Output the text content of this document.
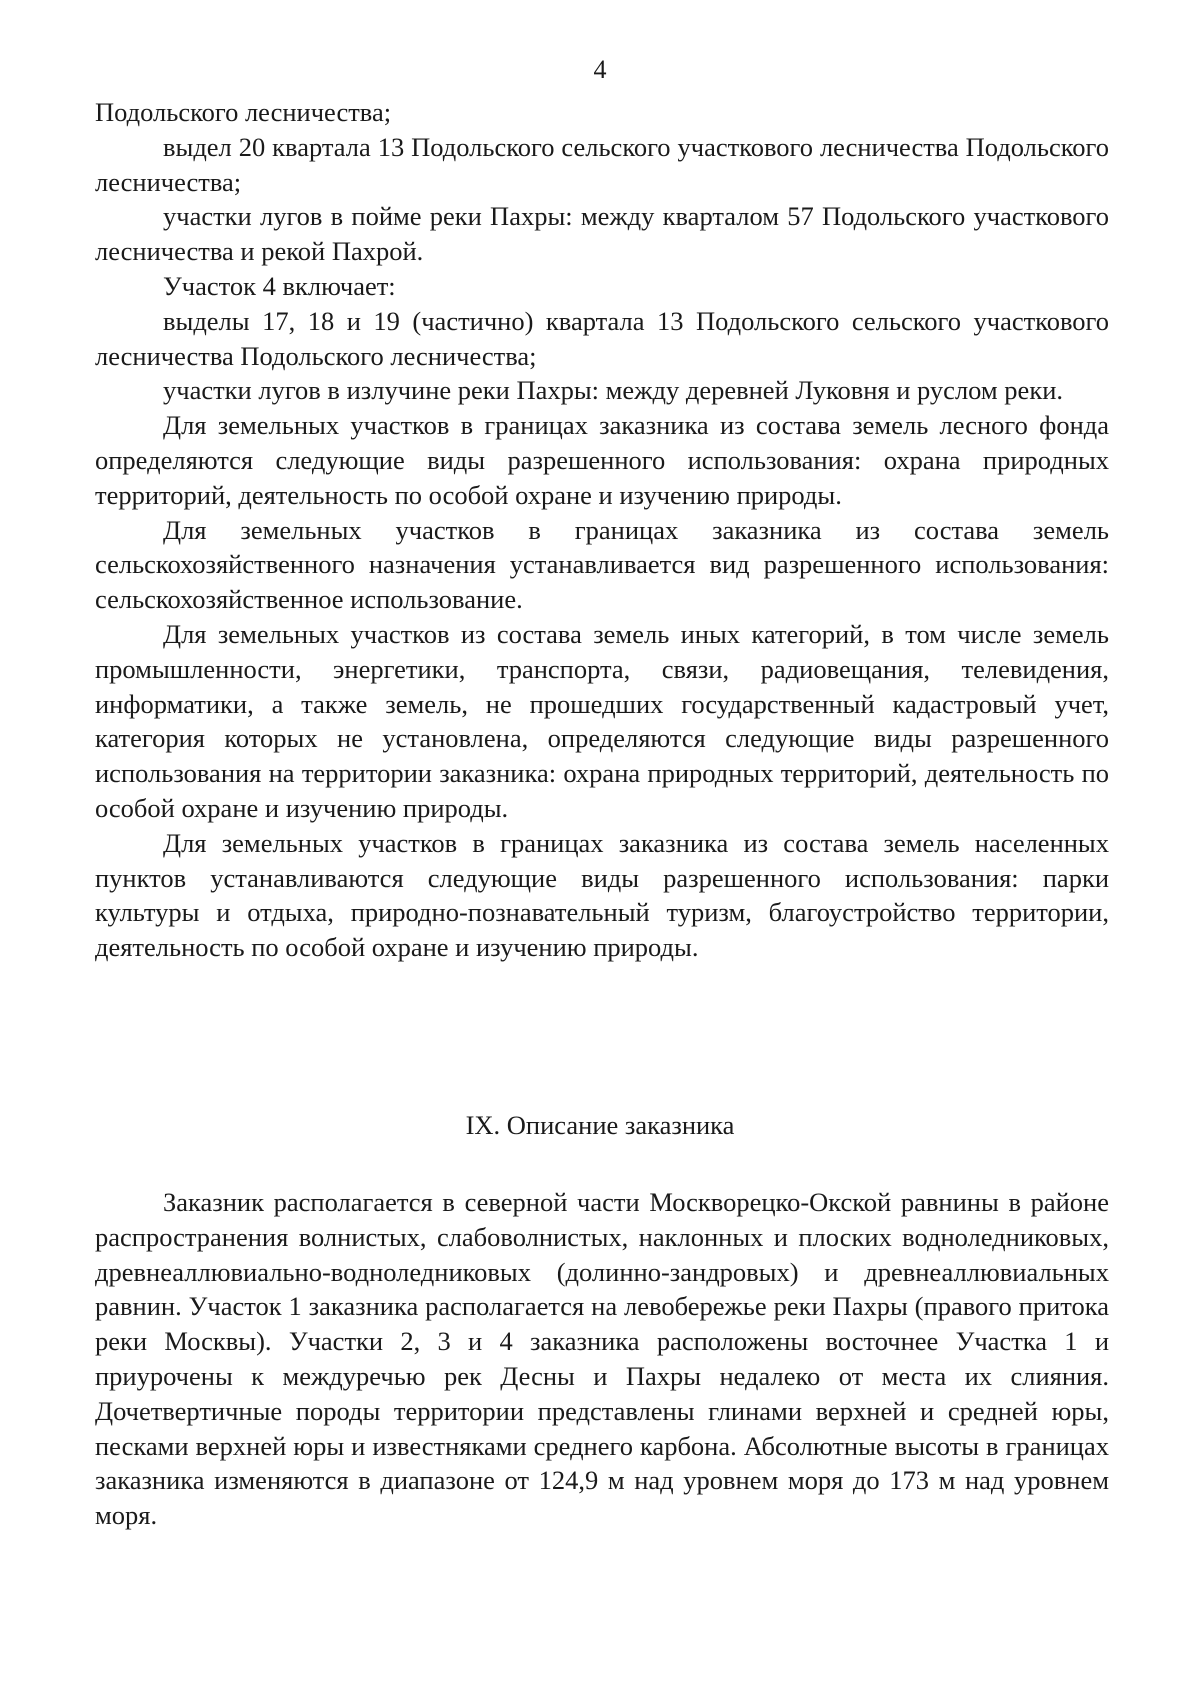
4

Подольского лесничества;

выдел 20 квартала 13 Подольского сельского участкового лесничества Подольского лесничества;

участки лугов в пойме реки Пахры: между кварталом 57 Подольского участкового лесничества и рекой Пахрой.

Участок 4 включает:

выделы 17, 18 и 19 (частично) квартала 13 Подольского сельского участкового лесничества Подольского лесничества;

участки лугов в излучине реки Пахры: между деревней Луковня и руслом реки.

Для земельных участков в границах заказника из состава земель лесного фонда определяются следующие виды разрешенного использования: охрана природных территорий, деятельность по особой охране и изучению природы.

Для земельных участков в границах заказника из состава земель сельскохозяйственного назначения устанавливается вид разрешенного использования: сельскохозяйственное использование.

Для земельных участков из состава земель иных категорий, в том числе земель промышленности, энергетики, транспорта, связи, радиовещания, телевидения, информатики, а также земель, не прошедших государственный кадастровый учет, категория которых не установлена, определяются следующие виды разрешенного использования на территории заказника: охрана природных территорий, деятельность по особой охране и изучению природы.

Для земельных участков в границах заказника из состава земель населенных пунктов устанавливаются следующие виды разрешенного использования: парки культуры и отдыха, природно-познавательный туризм, благоустройство территории, деятельность по особой охране и изучению природы.

IX. Описание заказника

Заказник располагается в северной части Москворецко-Окской равнины в районе распространения волнистых, слабоволнистых, наклонных и плоских водноледниковых, древнеаллювиально-водноледниковых (долинно-зандровых) и древнеаллювиальных равнин. Участок 1 заказника располагается на левобережье реки Пахры (правого притока реки Москвы). Участки 2, 3 и 4 заказника расположены восточнее Участка 1 и приурочены к междуречью рек Десны и Пахры недалеко от места их слияния. Дочетвертичные породы территории представлены глинами верхней и средней юры, песками верхней юры и известняками среднего карбона. Абсолютные высоты в границах заказника изменяются в диапазоне от 124,9 м над уровнем моря до 173 м над уровнем моря.
